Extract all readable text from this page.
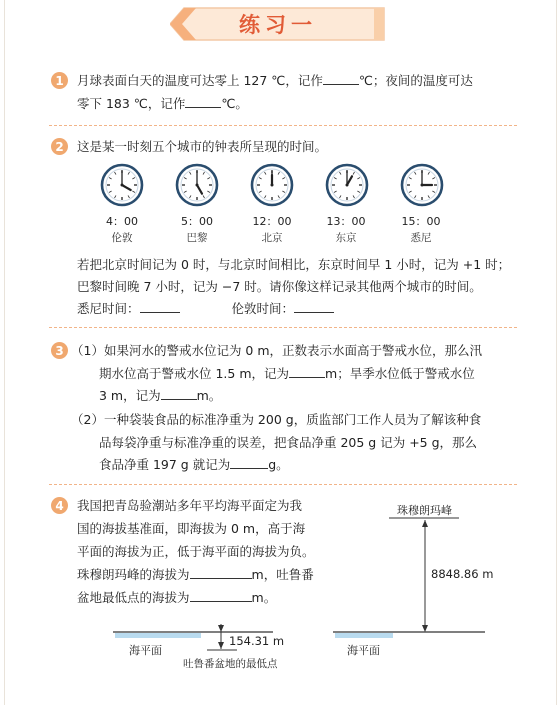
练习一
1	月球表面白天的温度可达零上 127 ℃，记作	℃；夜间的温度可达
零下 183 ℃，记作	℃。
2	这是某一时刻五个城市的钟表所呈现的时间。
4：00	5：00	12：00	13：00	15：00
伦敦	巴黎	北京	东京	悉尼
若把北京时间记为 0 时，与北京时间相比，东京时间早 1 小时，记为 +1 时；
巴黎时间晚 7 小时，记为 −7 时。请你像这样记录其他两个城市的时间。
悉尼时间：	伦敦时间：
3 （1）如果河水的警戒水位记为 0 m，正数表示水面高于警戒水位，那么汛
期水位高于警戒水位 1.5 m，记为	m；旱季水位低于警戒水位
3 m，记为	m。
（2）一种袋装食品的标准净重为 200 g，质监部门工作人员为了解该种食
品每袋净重与标准净重的误差，把食品净重 205 g 记为 +5 g，那么
食品净重 197 g 就记为	g。
4	我国把青岛验潮站多年平均海平面定为我
国的海拔基准面，即海拔为 0 m，高于海
平面的海拔为正，低于海平面的海拔为负。
珠穆朗玛峰的海拔为	m，吐鲁番
盆地最低点的海拔为	m。
珠穆朗玛峰
8848.86 m
海平面
154.31 m
海平面
吐鲁番盆地的最低点
